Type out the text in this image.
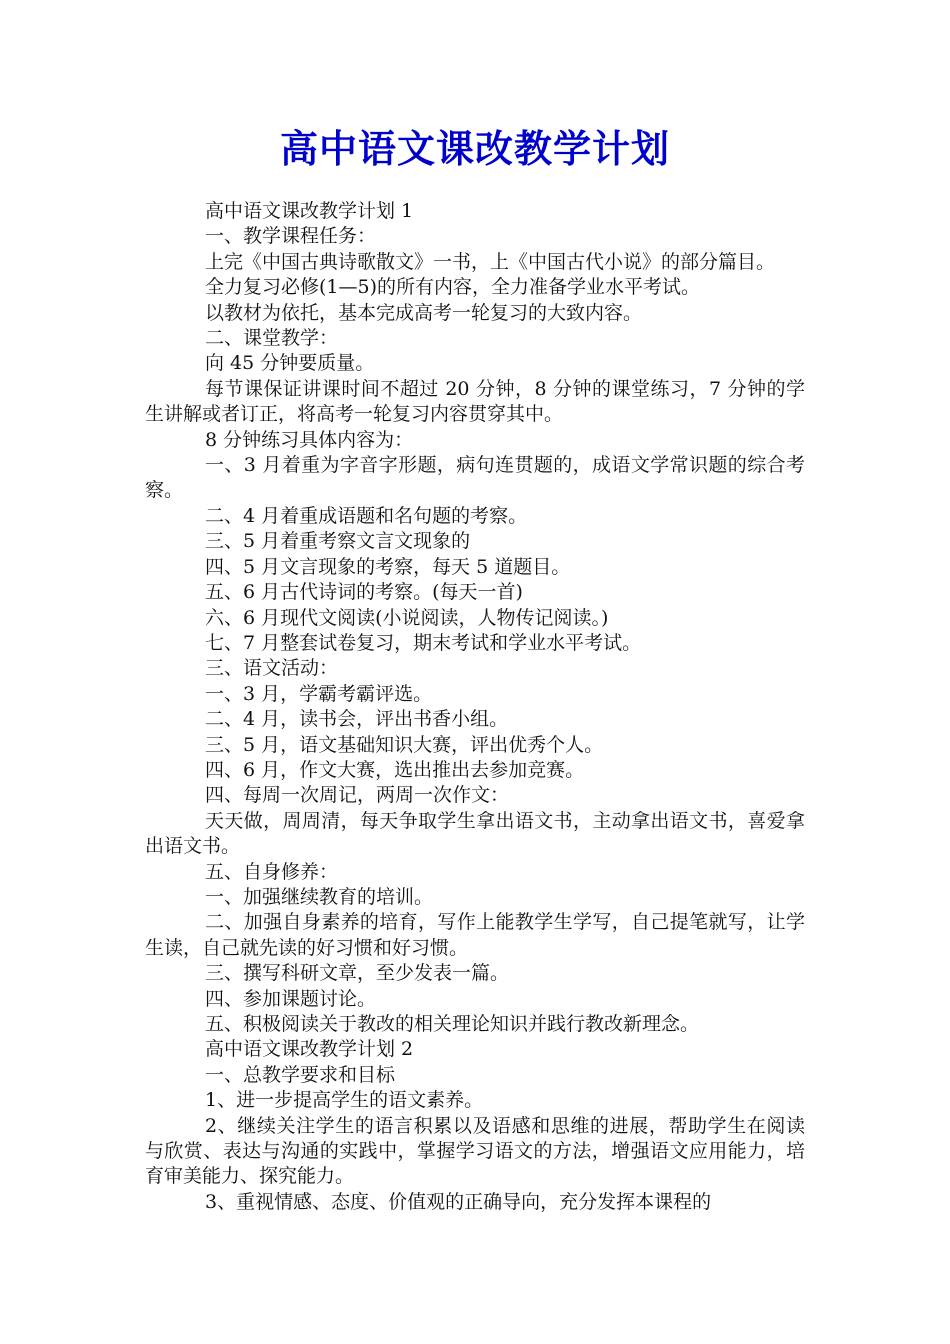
高中语文课改教学计划

高中语文课改教学计划 1

一、教学课程任务：

上完《中国古典诗歌散文》一书，上《中国古代小说》的部分篇目。

全力复习必修(1—5)的所有内容，全力准备学业水平考试。

以教材为依托，基本完成高考一轮复习的大致内容。

二、课堂教学：

向 45 分钟要质量。

每节课保证讲课时间不超过 20 分钟，8 分钟的课堂练习，7 分钟的学生讲解或者订正，将高考一轮复习内容贯穿其中。

8 分钟练习具体内容为：

一、3 月着重为字音字形题，病句连贯题的，成语文学常识题的综合考察。

二、4 月着重成语题和名句题的考察。

三、5 月着重考察文言文现象的

四、5 月文言现象的考察，每天 5 道题目。

五、6 月古代诗词的考察。(每天一首)

六、6 月现代文阅读(小说阅读，人物传记阅读。)

七、7 月整套试卷复习，期末考试和学业水平考试。

三、语文活动：

一、3 月，学霸考霸评选。

二、4 月，读书会，评出书香小组。

三、5 月，语文基础知识大赛，评出优秀个人。

四、6 月，作文大赛，选出推出去参加竞赛。

四、每周一次周记，两周一次作文：

天天做，周周清，每天争取学生拿出语文书，主动拿出语文书，喜爱拿出语文书。

五、自身修养：

一、加强继续教育的培训。

二、加强自身素养的培育，写作上能教学生学写，自己提笔就写，让学生读，自己就先读的好习惯和好习惯。

三、撰写科研文章，至少发表一篇。

四、参加课题讨论。

五、积极阅读关于教改的相关理论知识并践行教改新理念。

高中语文课改教学计划 2

一、总教学要求和目标

1、进一步提高学生的语文素养。

2、继续关注学生的语言积累以及语感和思维的进展，帮助学生在阅读与欣赏、表达与沟通的实践中，掌握学习语文的方法，增强语文应用能力，培育审美能力、探究能力。

3、重视情感、态度、价值观的正确导向，充分发挥本课程的
